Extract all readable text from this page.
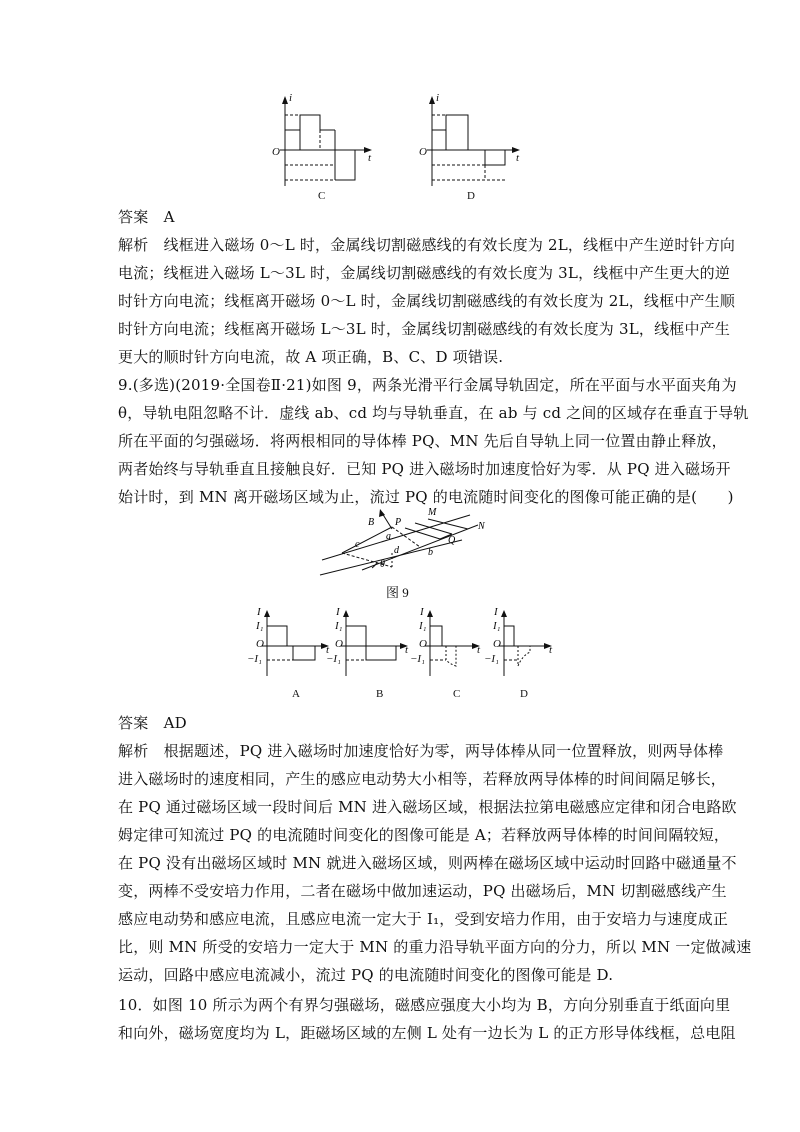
i
t
O
C
i
t
O
D
答案　A
解析　线框进入磁场 0～L 时，金属线切割磁感线的有效长度为 2L，线框中产生逆时针方向
电流；线框进入磁场 L～3L 时，金属线切割磁感线的有效长度为 3L，线框中产生更大的逆
时针方向电流；线框离开磁场 0～L 时，金属线切割磁感线的有效长度为 2L，线框中产生顺
时针方向电流；线框离开磁场 L～3L 时，金属线切割磁感线的有效长度为 3L，线框中产生
更大的顺时针方向电流，故 A 项正确，B、C、D 项错误.
9.(多选)(2019·全国卷Ⅱ·21)如图 9，两条光滑平行金属导轨固定，所在平面与水平面夹角为
θ，导轨电阻忽略不计．虚线 ab、cd 均与导轨垂直，在 ab 与 cd 之间的区域存在垂直于导轨
所在平面的匀强磁场．将两根相同的导体棒 PQ、MN 先后自导轨上同一位置由静止释放，
两者始终与导轨垂直且接触良好．已知 PQ 进入磁场时加速度恰好为零．从 PQ 进入磁场开
始计时，到 MN 离开磁场区域为止，流过 PQ 的电流随时间变化的图像可能正确的是(　　)
B P
M
N
Q
a
b
c
d
θ
图 9
I
I₁
O
−I₁
t
A
I
I₁
O
−I₁
t
B
I
I₁
O
−I₁
t
C
I
I₁
O
−I₁
t
D
答案　AD
解析　根据题述，PQ 进入磁场时加速度恰好为零，两导体棒从同一位置释放，则两导体棒
进入磁场时的速度相同，产生的感应电动势大小相等，若释放两导体棒的时间间隔足够长，
在 PQ 通过磁场区域一段时间后 MN 进入磁场区域，根据法拉第电磁感应定律和闭合电路欧
姆定律可知流过 PQ 的电流随时间变化的图像可能是 A；若释放两导体棒的时间间隔较短，
在 PQ 没有出磁场区域时 MN 就进入磁场区域，则两棒在磁场区域中运动时回路中磁通量不
变，两棒不受安培力作用，二者在磁场中做加速运动，PQ 出磁场后，MN 切割磁感线产生
感应电动势和感应电流，且感应电流一定大于 I₁，受到安培力作用，由于安培力与速度成正
比，则 MN 所受的安培力一定大于 MN 的重力沿导轨平面方向的分力，所以 MN 一定做减速
运动，回路中感应电流减小，流过 PQ 的电流随时间变化的图像可能是 D.
10．如图 10 所示为两个有界匀强磁场，磁感应强度大小均为 B，方向分别垂直于纸面向里
和向外，磁场宽度均为 L，距磁场区域的左侧 L 处有一边长为 L 的正方形导体线框，总电阻
